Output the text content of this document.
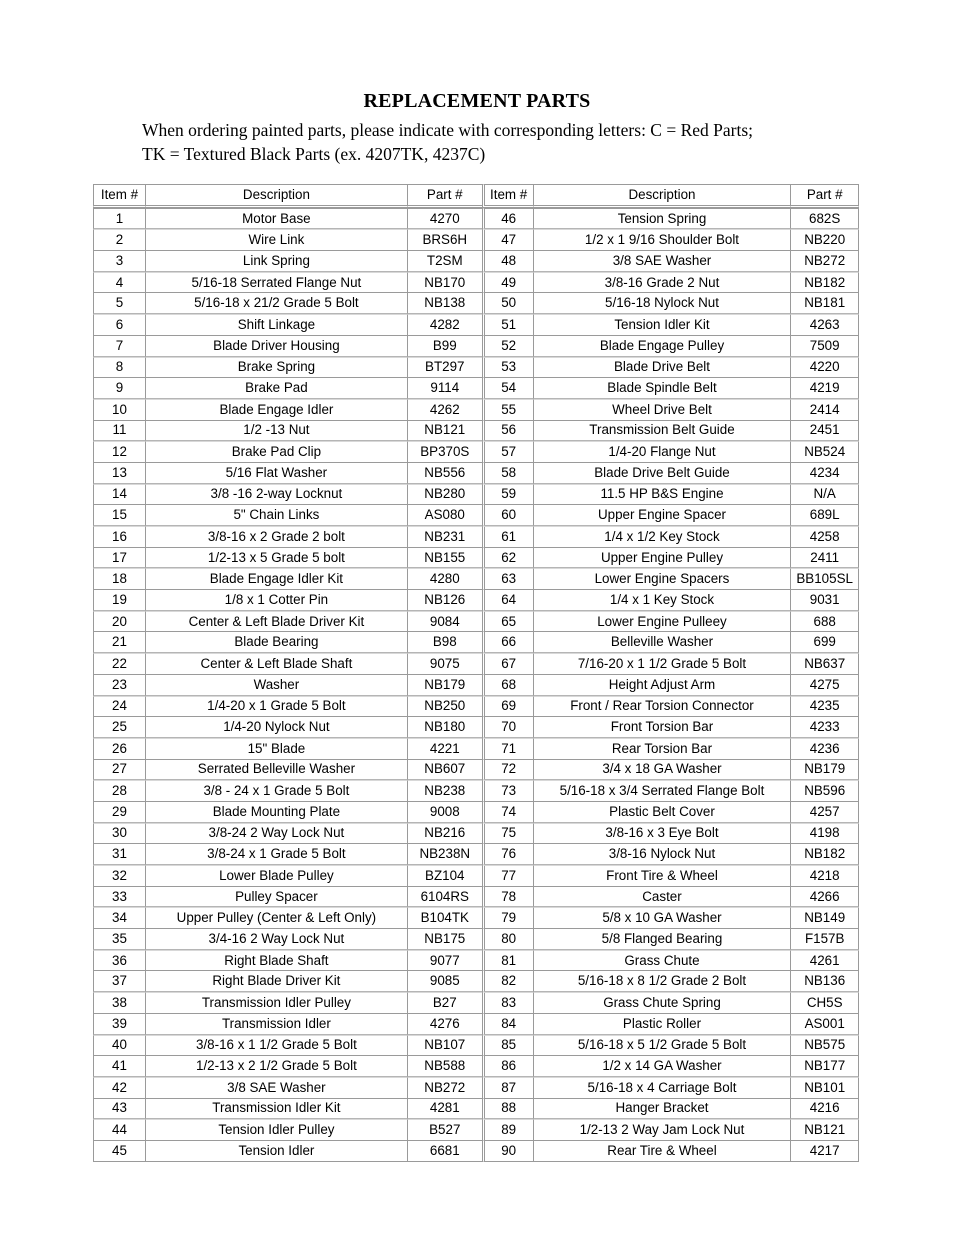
REPLACEMENT PARTS
When ordering painted parts, please indicate with corresponding letters: C = Red Parts;
TK = Textured Black Parts (ex. 4207TK, 4237C)
Item #	Description	Part #	Item #	Description	Part #
1	Motor Base	4270	46	Tension Spring	682S
2	Wire Link	BRS6H	47	1/2 x 1 9/16 Shoulder Bolt	NB220
3	Link Spring	T2SM	48	3/8 SAE Washer	NB272
4	5/16-18 Serrated Flange Nut	NB170	49	3/8-16 Grade 2 Nut	NB182
5	5/16-18 x 21/2 Grade 5 Bolt	NB138	50	5/16-18 Nylock Nut	NB181
6	Shift Linkage	4282	51	Tension Idler Kit	4263
7	Blade Driver Housing	B99	52	Blade Engage Pulley	7509
8	Brake Spring	BT297	53	Blade Drive Belt	4220
9	Brake Pad	9114	54	Blade Spindle Belt	4219
10	Blade Engage Idler	4262	55	Wheel Drive Belt	2414
11	1/2 -13 Nut	NB121	56	Transmission Belt Guide	2451
12	Brake Pad Clip	BP370S	57	1/4-20 Flange Nut	NB524
13	5/16 Flat Washer	NB556	58	Blade Drive Belt Guide	4234
14	3/8 -16 2-way Locknut	NB280	59	11.5 HP B&S Engine	N/A
15	5" Chain Links	AS080	60	Upper Engine Spacer	689L
16	3/8-16 x 2 Grade 2 bolt	NB231	61	1/4 x 1/2 Key Stock	4258
17	1/2-13 x 5 Grade 5 bolt	NB155	62	Upper Engine Pulley	2411
18	Blade Engage Idler Kit	4280	63	Lower Engine Spacers	BB105SL
19	1/8 x 1 Cotter Pin	NB126	64	1/4 x 1 Key Stock	9031
20	Center & Left Blade Driver Kit	9084	65	Lower Engine Pulleey	688
21	Blade Bearing	B98	66	Belleville Washer	699
22	Center & Left Blade Shaft	9075	67	7/16-20 x 1 1/2 Grade 5 Bolt	NB637
23	Washer	NB179	68	Height Adjust Arm	4275
24	1/4-20 x 1 Grade 5 Bolt	NB250	69	Front / Rear Torsion Connector	4235
25	1/4-20 Nylock Nut	NB180	70	Front Torsion Bar	4233
26	15" Blade	4221	71	Rear Torsion Bar	4236
27	Serrated Belleville Washer	NB607	72	3/4 x 18 GA Washer	NB179
28	3/8 - 24 x 1 Grade 5 Bolt	NB238	73	5/16-18 x 3/4 Serrated Flange Bolt	NB596
29	Blade Mounting Plate	9008	74	Plastic Belt Cover	4257
30	3/8-24 2 Way Lock Nut	NB216	75	3/8-16 x 3 Eye Bolt	4198
31	3/8-24 x 1 Grade 5 Bolt	NB238N	76	3/8-16 Nylock Nut	NB182
32	Lower Blade Pulley	BZ104	77	Front Tire & Wheel	4218
33	Pulley Spacer	6104RS	78	Caster	4266
34	Upper Pulley (Center & Left Only)	B104TK	79	5/8 x 10 GA Washer	NB149
35	3/4-16 2 Way Lock Nut	NB175	80	5/8 Flanged Bearing	F157B
36	Right Blade Shaft	9077	81	Grass Chute	4261
37	Right Blade Driver Kit	9085	82	5/16-18 x 8 1/2 Grade 2 Bolt	NB136
38	Transmission Idler Pulley	B27	83	Grass Chute Spring	CH5S
39	Transmission Idler	4276	84	Plastic Roller	AS001
40	3/8-16 x 1 1/2 Grade 5 Bolt	NB107	85	5/16-18 x 5 1/2 Grade 5 Bolt	NB575
41	1/2-13 x 2 1/2 Grade 5 Bolt	NB588	86	1/2 x 14 GA Washer	NB177
42	3/8 SAE Washer	NB272	87	5/16-18 x 4 Carriage Bolt	NB101
43	Transmission Idler Kit	4281	88	Hanger Bracket	4216
44	Tension Idler Pulley	B527	89	1/2-13 2 Way Jam Lock Nut	NB121
45	Tension Idler	6681	90	Rear Tire & Wheel	4217
